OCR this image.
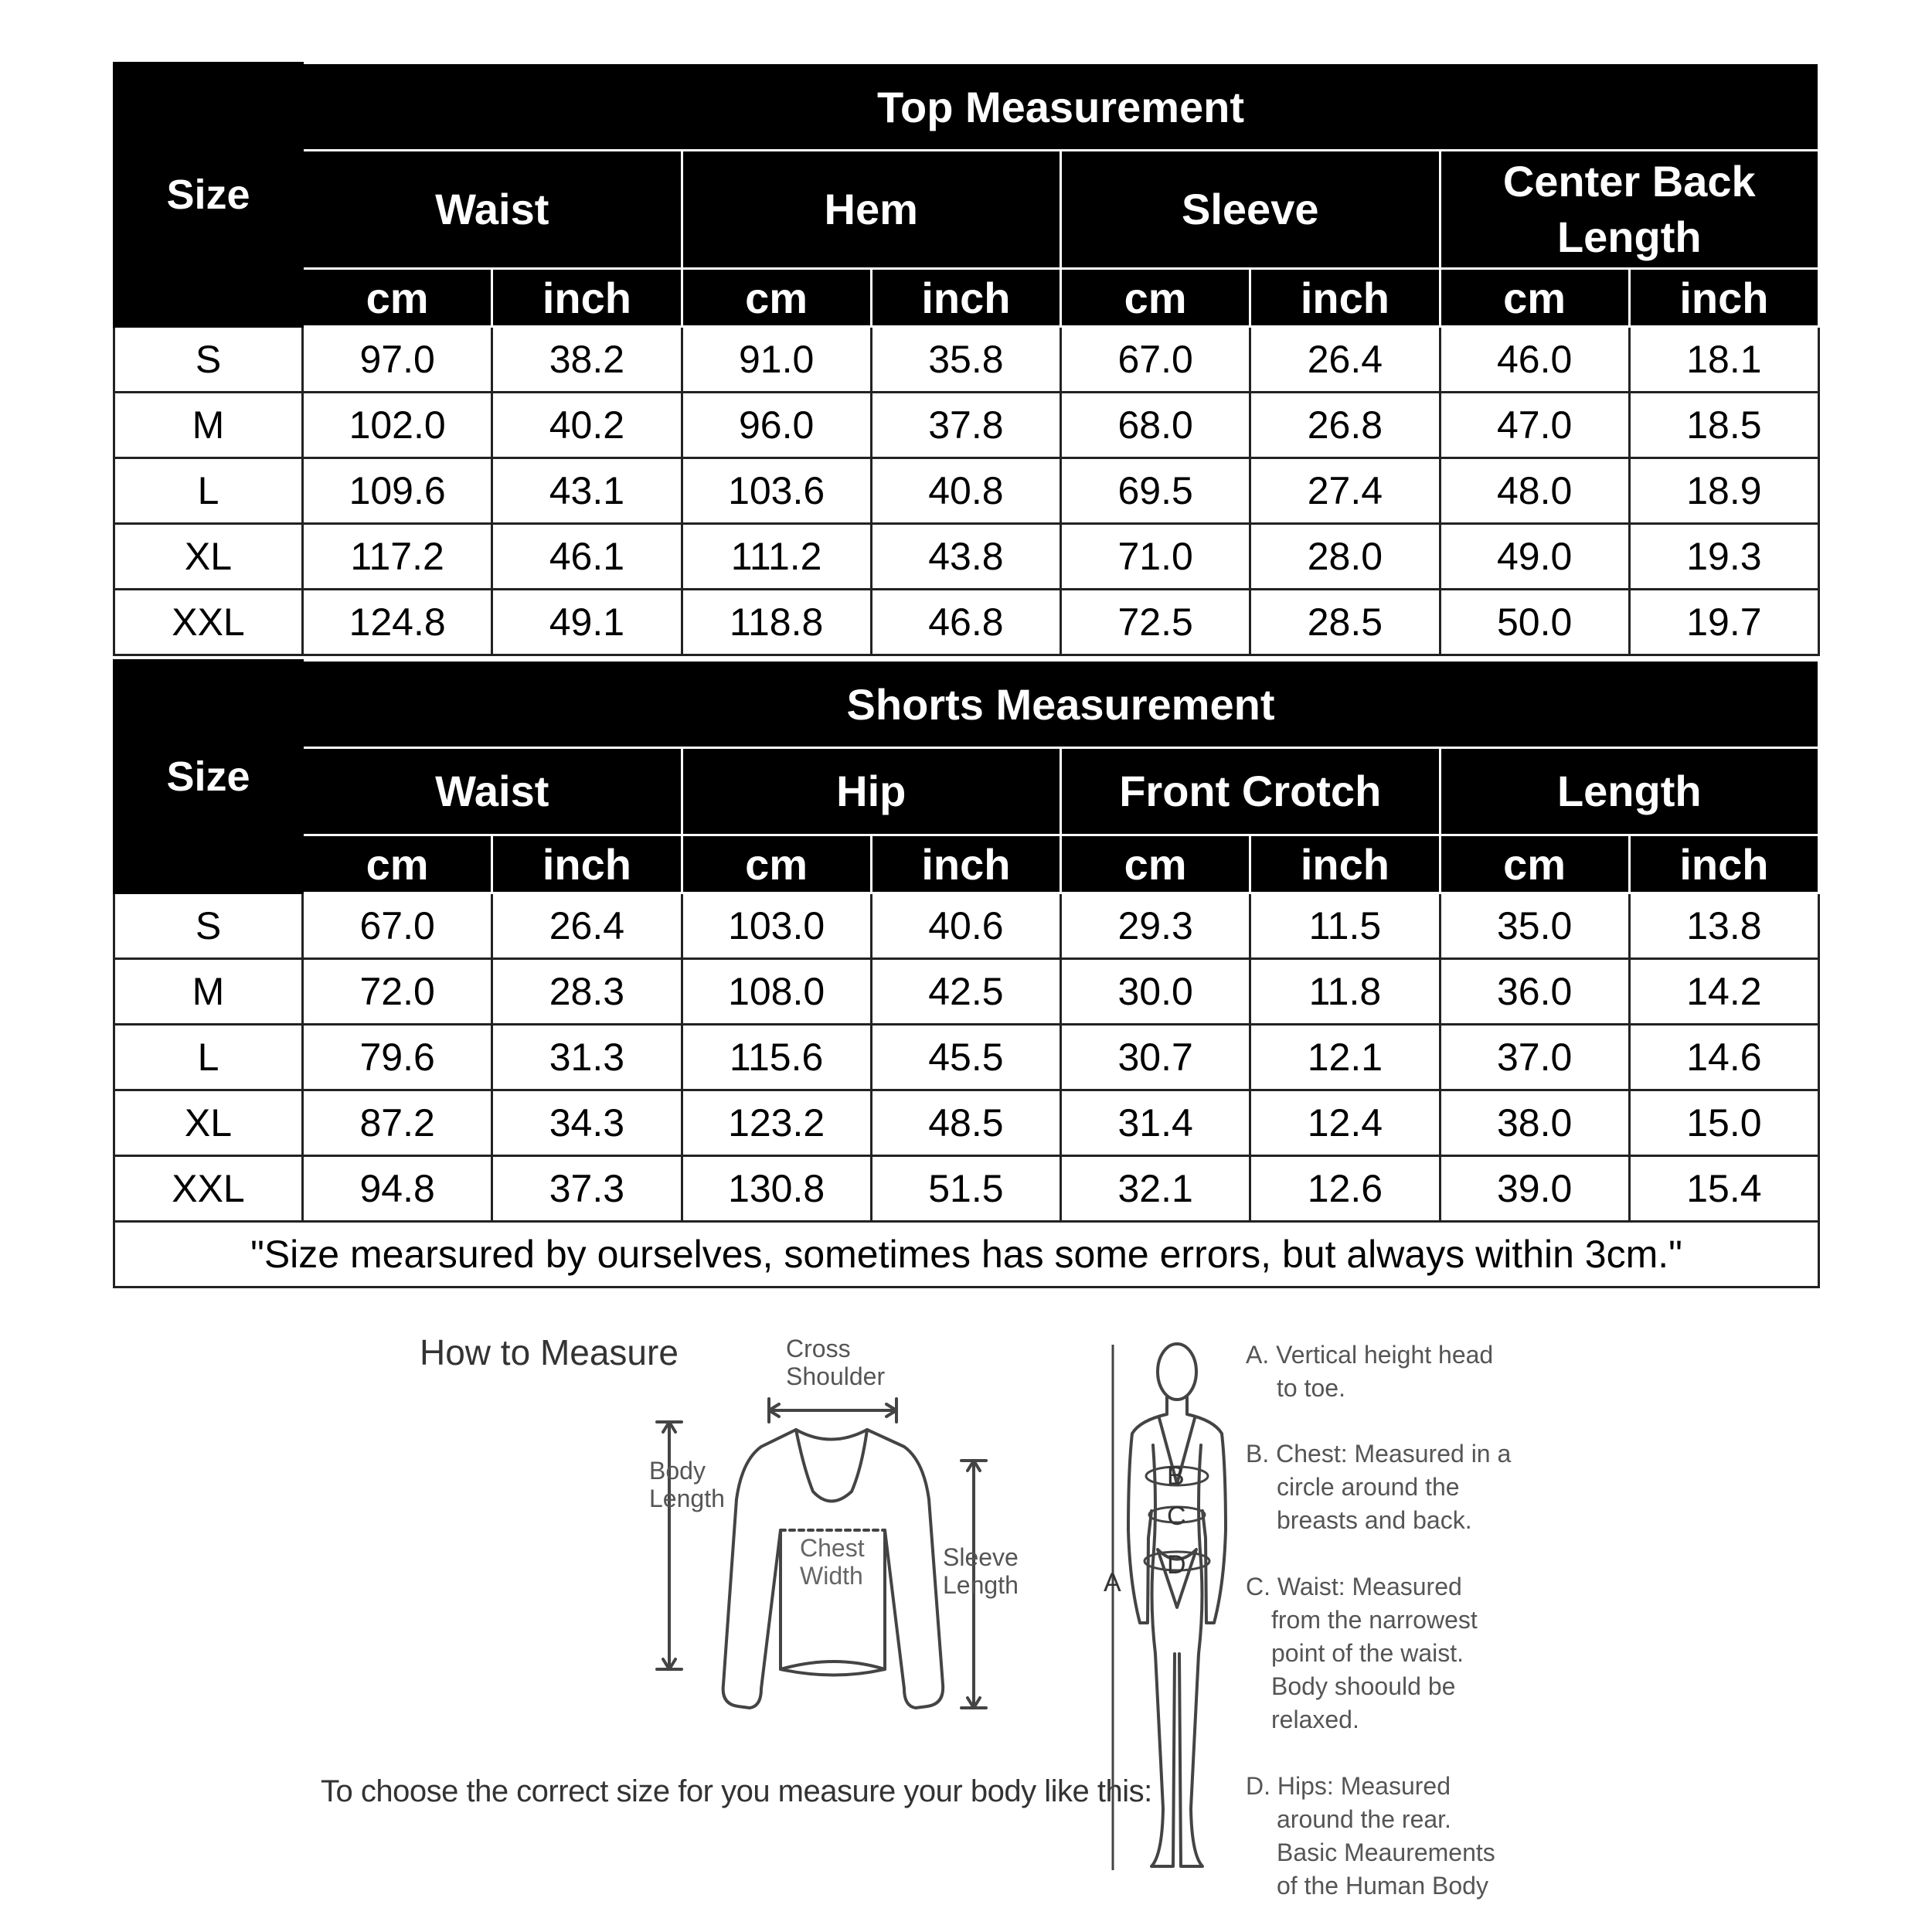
Size	Top Measurement							
	Waist		Hem		Sleeve		Center Back Length	
	cm	inch	cm	inch	cm	inch	cm	inch
S	97.0	38.2	91.0	35.8	67.0	26.4	46.0	18.1
M	102.0	40.2	96.0	37.8	68.0	26.8	47.0	18.5
L	109.6	43.1	103.6	40.8	69.5	27.4	48.0	18.9
XL	117.2	46.1	111.2	43.8	71.0	28.0	49.0	19.3
XXL	124.8	49.1	118.8	46.8	72.5	28.5	50.0	19.7
Size	Shorts Measurement							
	Waist		Hip		Front Crotch		Length	
	cm	inch	cm	inch	cm	inch	cm	inch
S	67.0	26.4	103.0	40.6	29.3	11.5	35.0	13.8
M	72.0	28.3	108.0	42.5	30.0	11.8	36.0	14.2
L	79.6	31.3	115.6	45.5	30.7	12.1	37.0	14.6
XL	87.2	34.3	123.2	48.5	31.4	12.4	38.0	15.0
XXL	94.8	37.3	130.8	51.5	32.1	12.6	39.0	15.4
"Size mearsured by ourselves, sometimes has some errors, but always within 3cm."								
How to Measure
To choose the correct size for you measure your body like this:
Cross
Shoulder
Body
Length
Chest
Width
Sleeve
Length	A
B
C
D
A. Vertical height head
to toe.
B. Chest: Measured in a
circle around the
breasts and back.
C. Waist: Measured
from the narrowest
point of the waist.
Body shoould be
relaxed.
D. Hips: Measured
around the rear.
Basic Meaurements
of the Human Body
